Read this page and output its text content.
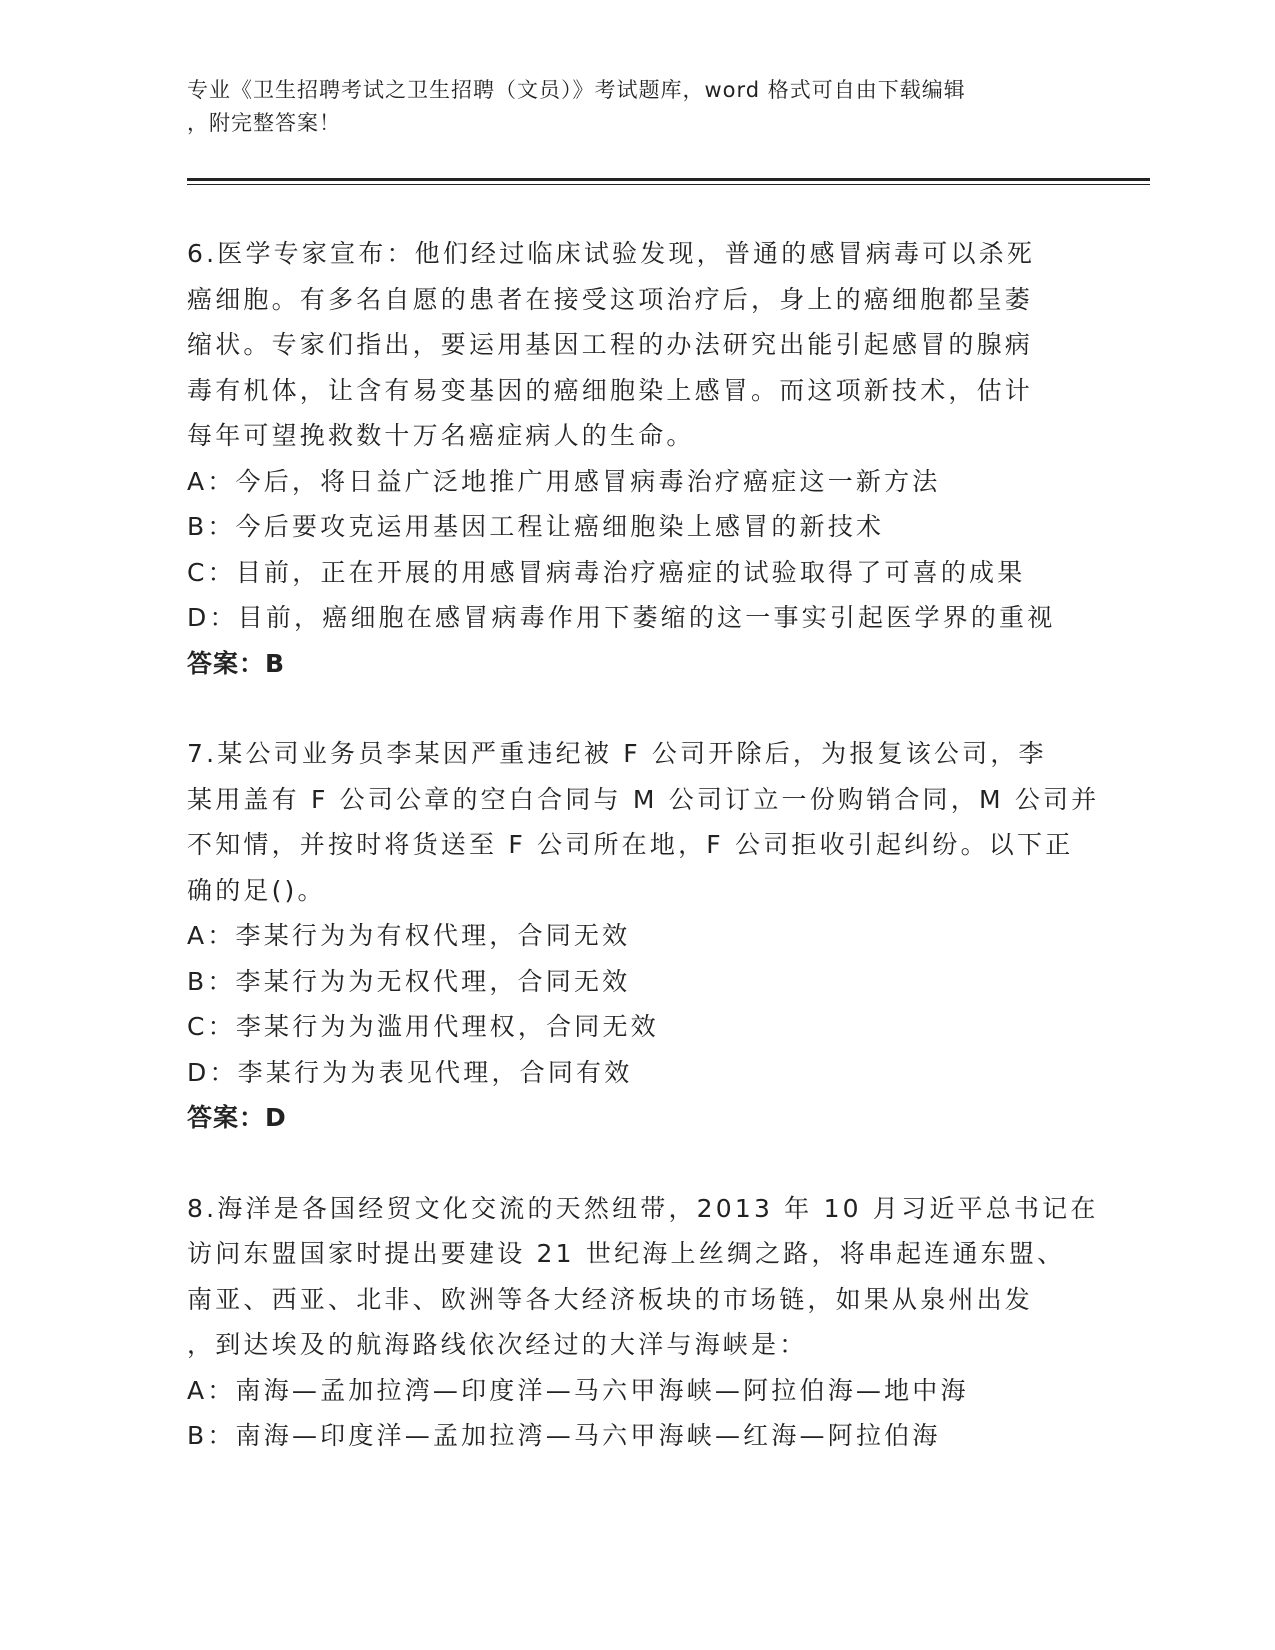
专业《卫生招聘考试之卫生招聘（文员）》考试题库，word 格式可自由下载编辑
，附完整答案！
6.医学专家宣布：他们经过临床试验发现，普通的感冒病毒可以杀死
癌细胞。有多名自愿的患者在接受这项治疗后，身上的癌细胞都呈萎
缩状。专家们指出，要运用基因工程的办法研究出能引起感冒的腺病
毒有机体，让含有易变基因的癌细胞染上感冒。而这项新技术，估计
每年可望挽救数十万名癌症病人的生命。
A：今后，将日益广泛地推广用感冒病毒治疗癌症这一新方法
B：今后要攻克运用基因工程让癌细胞染上感冒的新技术
C：目前，正在开展的用感冒病毒治疗癌症的试验取得了可喜的成果
D：目前，癌细胞在感冒病毒作用下萎缩的这一事实引起医学界的重视
答案：B
7.某公司业务员李某因严重违纪被 F 公司开除后，为报复该公司，李
某用盖有 F 公司公章的空白合同与 M 公司订立一份购销合同，M 公司并
不知情，并按时将货送至 F 公司所在地，F 公司拒收引起纠纷。以下正
确的足()。
A：李某行为为有权代理，合同无效
B：李某行为为无权代理，合同无效
C：李某行为为滥用代理权，合同无效
D：李某行为为表见代理，合同有效
答案：D
8.海洋是各国经贸文化交流的天然纽带，2013 年 10 月习近平总书记在
访问东盟国家时提出要建设 21 世纪海上丝绸之路，将串起连通东盟、
南亚、西亚、北非、欧洲等各大经济板块的市场链，如果从泉州出发
，到达埃及的航海路线依次经过的大洋与海峡是：
A：南海—孟加拉湾—印度洋—马六甲海峡—阿拉伯海—地中海
B：南海—印度洋—孟加拉湾—马六甲海峡—红海—阿拉伯海
